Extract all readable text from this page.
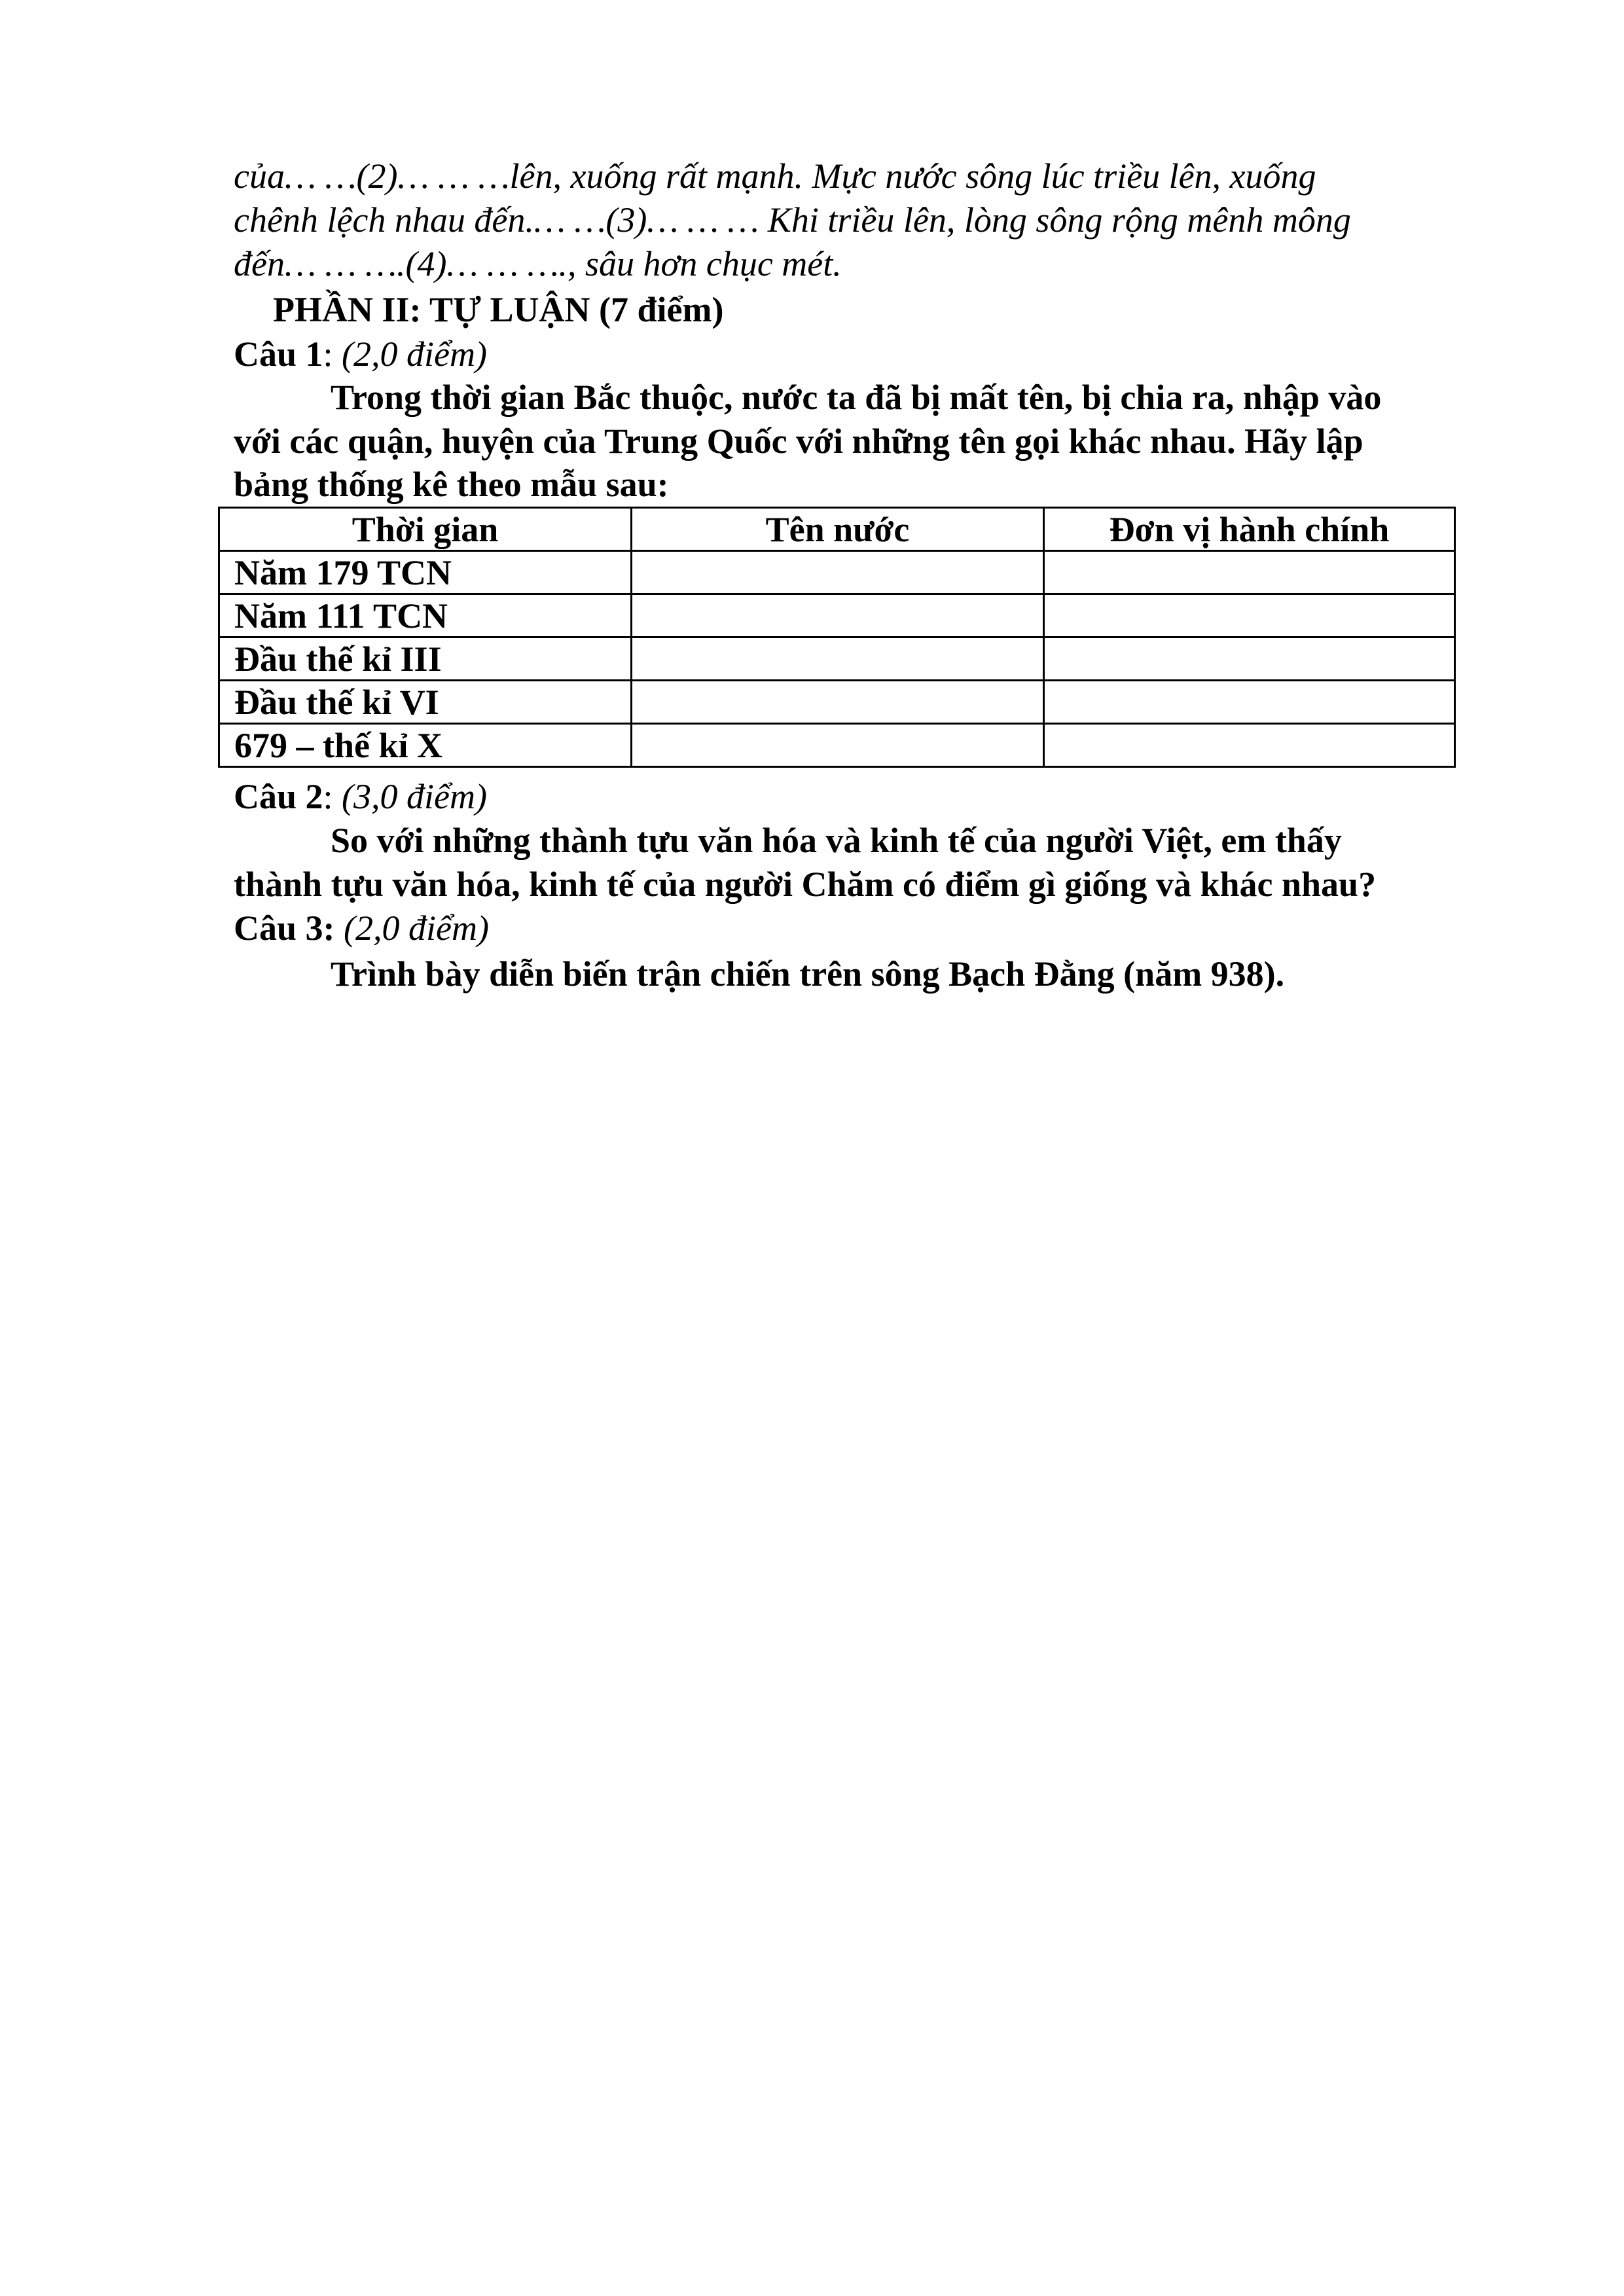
của… …(2)… … …lên, xuống rất mạnh. Mực nước sông lúc triều lên, xuống
chênh lệch nhau đến.… …(3)… … … Khi triều lên, lòng sông rộng mênh mông
đến… … ….(4)… … …., sâu hơn chục mét.
PHẦN II: TỰ LUẬN (7 điểm)
Câu 1: (2,0 điểm)
Trong thời gian Bắc thuộc, nước ta đã bị mất tên, bị chia ra, nhập vào
với các quận, huyện của Trung Quốc với những tên gọi khác nhau. Hãy lập
bảng thống kê theo mẫu sau:
Thời gian	Tên nước	Đơn vị hành chính
Năm 179 TCN		
Năm 111 TCN		
Đầu thế kỉ III		
Đầu thế kỉ VI		
679 – thế kỉ X		
Câu 2: (3,0 điểm)
So với những thành tựu văn hóa và kinh tế của người Việt, em thấy
thành tựu văn hóa, kinh tế của người Chăm có điểm gì giống và khác nhau?
Câu 3: (2,0 điểm)
Trình bày diễn biến trận chiến trên sông Bạch Đằng (năm 938).
